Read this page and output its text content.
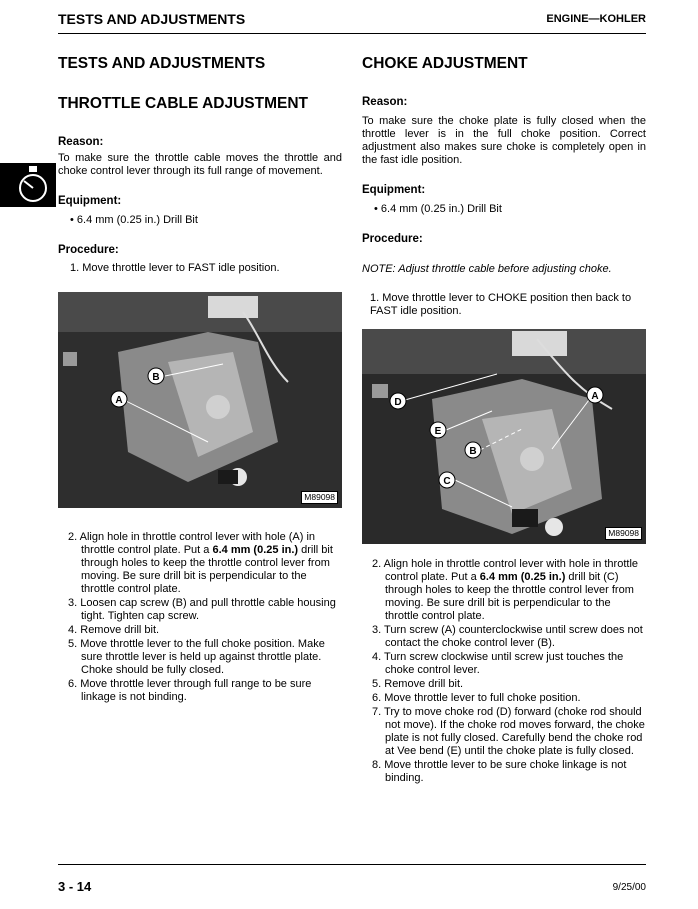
TESTS AND ADJUSTMENTS	ENGINE—KOHLER

TESTS AND ADJUSTMENTS

THROTTLE CABLE ADJUSTMENT

Reason:

To make sure the throttle cable moves the throttle and choke control lever through its full range of movement.

Equipment:

• 6.4 mm (0.25 in.) Drill Bit

Procedure:

1. Move throttle lever to FAST idle position.

B
A
M89098
2. Align hole in throttle control lever with hole (A) in throttle control plate. Put a 6.4 mm (0.25 in.) drill bit through holes to keep the throttle control lever from moving. Be sure drill bit is perpendicular to the throttle control plate.
3. Loosen cap screw (B) and pull throttle cable housing tight. Tighten cap screw.
4. Remove drill bit.
5. Move throttle lever to the full choke position. Make sure throttle lever is held up against throttle plate. Choke should be fully closed.
6. Move throttle lever through full range to be sure linkage is not binding.

CHOKE ADJUSTMENT

Reason:

To make sure the choke plate is fully closed when the throttle lever is in the full choke position. Correct adjustment also makes sure choke is completely open in the fast idle position.

Equipment:

• 6.4 mm (0.25 in.) Drill Bit

Procedure:

NOTE: Adjust throttle cable before adjusting choke.

1. Move throttle lever to CHOKE position then back to FAST idle position.

D
A
E
B
C
M89098
2. Align hole in throttle control lever with hole in throttle control plate. Put a 6.4 mm (0.25 in.) drill bit (C) through holes to keep the throttle control lever from moving. Be sure drill bit is perpendicular to the throttle control plate.
3. Turn screw (A) counterclockwise until screw does not contact the choke control lever (B).
4. Turn screw clockwise until screw just touches the choke control lever.
5. Remove drill bit.
6. Move throttle lever to full choke position.
7. Try to move choke rod (D) forward (choke rod should not move). If the choke rod moves forward, the choke plate is not fully closed. Carefully bend the choke rod at Vee bend (E) until the choke plate is fully closed.
8. Move throttle lever to be sure choke linkage is not binding.
3 - 14	9/25/00
